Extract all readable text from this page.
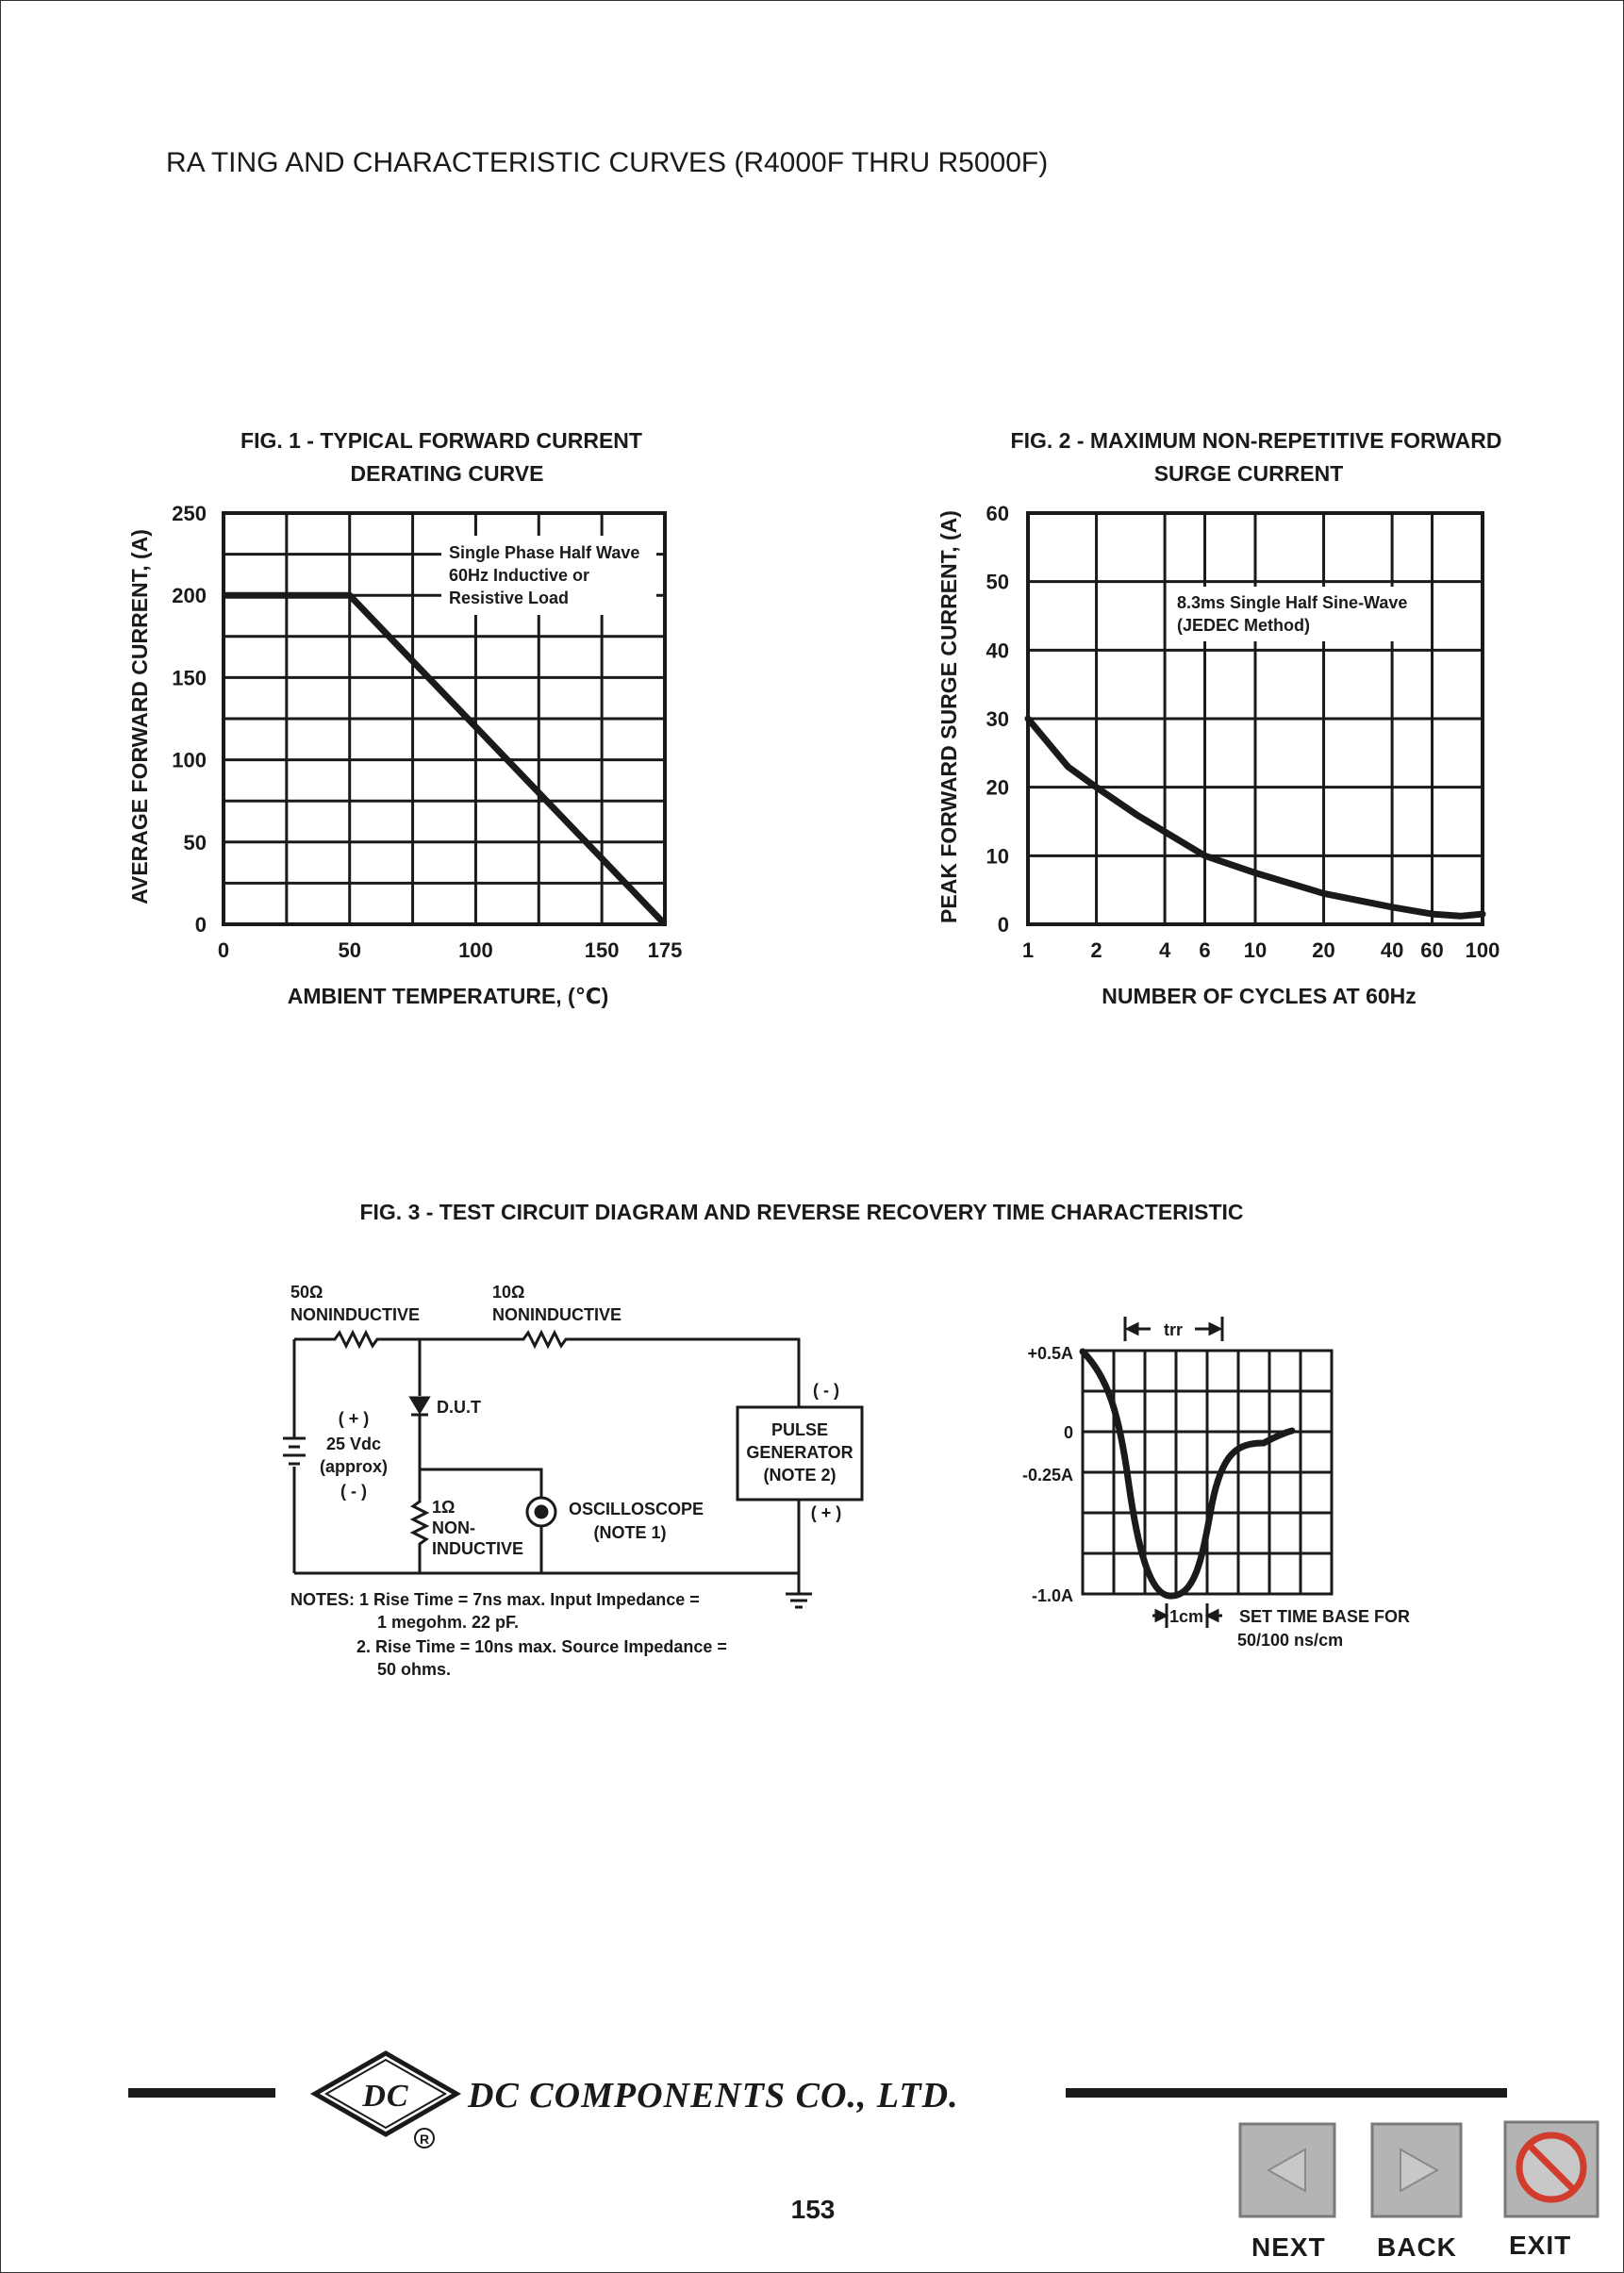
RA TING AND CHARACTERISTIC CURVES (R4000F THRU R5000F)
FIG. 1 - TYPICAL FORWARD CURRENT
DERATING CURVE
0	50	100	150 175
0
50
100
150
200
250
Single Phase Half Wave
60Hz Inductive or
Resistive Load
AMBIENT TEMPERATURE, (℃)
AVERAGE FORWARD CURRENT, (A)
FIG. 2 - MAXIMUM NON-REPETITIVE FORWARD
SURGE CURRENT
1	2	4 6 10 20 40 60 100
0
10
20
30
40
50
60
8.3ms Single Half Sine-Wave
(JEDEC Method)
NUMBER OF CYCLES AT 60Hz
PEAK FORWARD SURGE CURRENT, (A)
FIG. 3 - TEST CIRCUIT DIAGRAM AND REVERSE RECOVERY TIME CHARACTERISTIC
50Ω
NONINDUCTIVE
10Ω
NONINDUCTIVE
D.U.T
( + )
25 Vdc
(approx)
( - )
1Ω
NON-
INDUCTIVE
OSCILLOSCOPE
(NOTE 1)
PULSE
GENERATOR
(NOTE 2)
( - )
( + )
NOTES: 1 Rise Time = 7ns max. Input Impedance =
1 megohm. 22 pF.
2. Rise Time = 10ns max. Source Impedance =
50 ohms.
trr
1cm SET TIME BASE FOR
50/100 ns/cm
+0.5A
0
-0.25A
-1.0A
DC
R
DC COMPONENTS CO., LTD.
153
NEXT BACK EXIT
